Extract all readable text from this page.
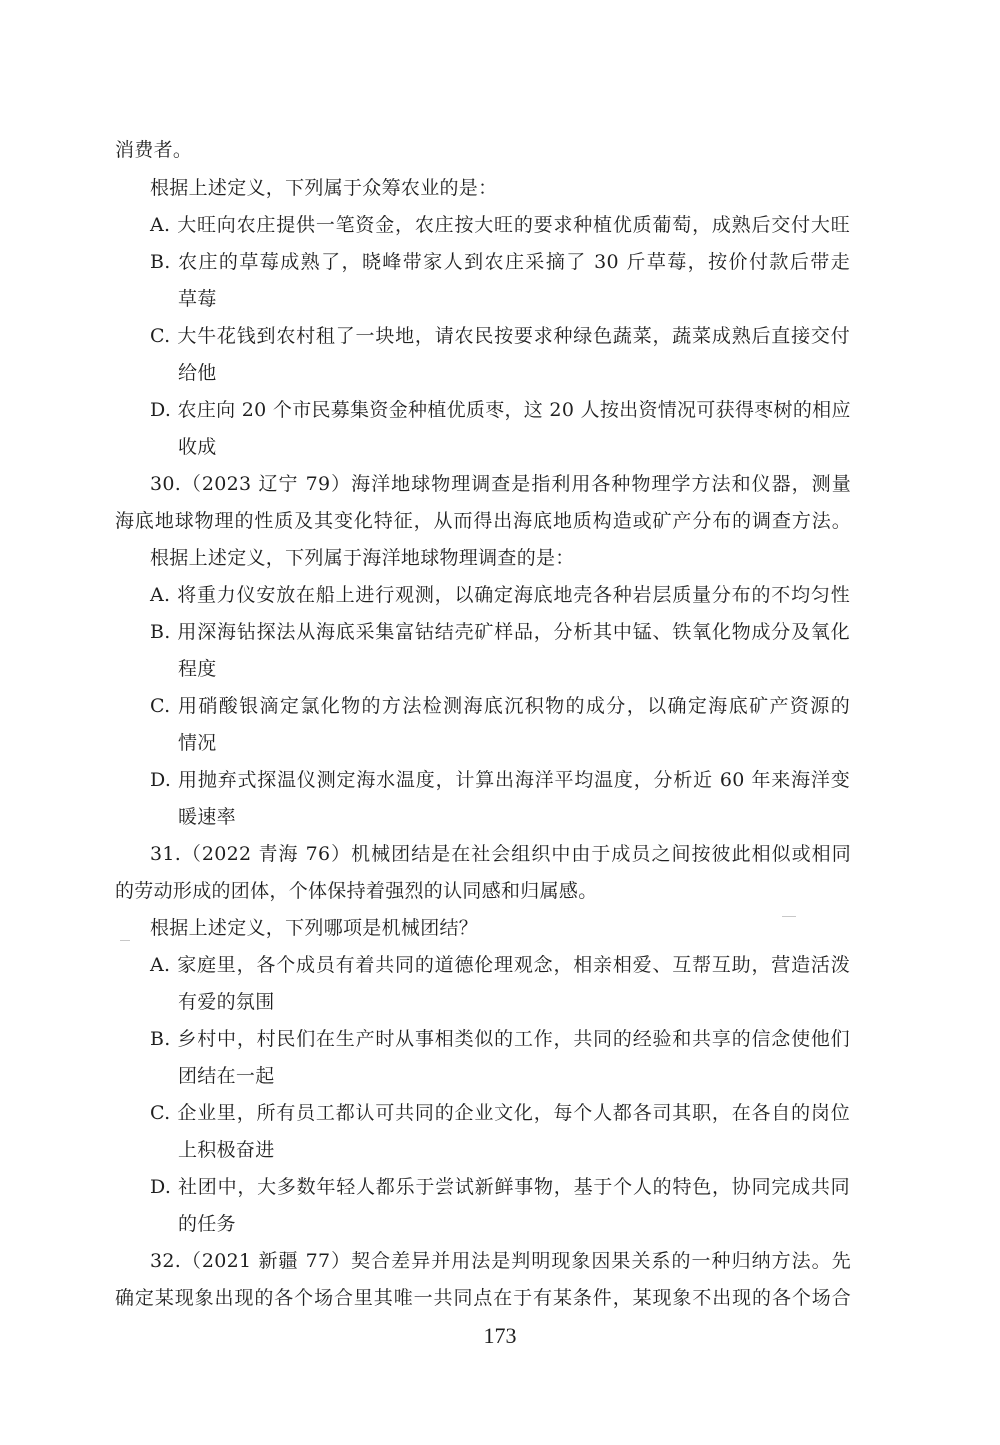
消费者。
根据上述定义，下列属于众筹农业的是：
A. 大旺向农庄提供一笔资金，农庄按大旺的要求种植优质葡萄，成熟后交付大旺
B. 农庄的草莓成熟了，晓峰带家人到农庄采摘了 30 斤草莓，按价付款后带走
草莓
C. 大牛花钱到农村租了一块地，请农民按要求种绿色蔬菜，蔬菜成熟后直接交付
给他
D. 农庄向 20 个市民募集资金种植优质枣，这 20 人按出资情况可获得枣树的相应
收成
30.（2023 辽宁 79）海洋地球物理调查是指利用各种物理学方法和仪器，测量
海底地球物理的性质及其变化特征，从而得出海底地质构造或矿产分布的调查方法。
根据上述定义，下列属于海洋地球物理调查的是：
A. 将重力仪安放在船上进行观测，以确定海底地壳各种岩层质量分布的不均匀性
B. 用深海钻探法从海底采集富钴结壳矿样品，分析其中锰、铁氧化物成分及氧化
程度
C. 用硝酸银滴定氯化物的方法检测海底沉积物的成分，以确定海底矿产资源的
情况
D. 用抛弃式探温仪测定海水温度，计算出海洋平均温度，分析近 60 年来海洋变
暖速率
31.（2022 青海 76）机械团结是在社会组织中由于成员之间按彼此相似或相同
的劳动形成的团体，个体保持着强烈的认同感和归属感。
根据上述定义，下列哪项是机械团结？
A. 家庭里，各个成员有着共同的道德伦理观念，相亲相爱、互帮互助，营造活泼
有爱的氛围
B. 乡村中，村民们在生产时从事相类似的工作，共同的经验和共享的信念使他们
团结在一起
C. 企业里，所有员工都认可共同的企业文化，每个人都各司其职，在各自的岗位
上积极奋进
D. 社团中，大多数年轻人都乐于尝试新鲜事物，基于个人的特色，协同完成共同
的任务
32.（2021 新疆 77）契合差异并用法是判明现象因果关系的一种归纳方法。先
确定某现象出现的各个场合里其唯一共同点在于有某条件，某现象不出现的各个场合
173
